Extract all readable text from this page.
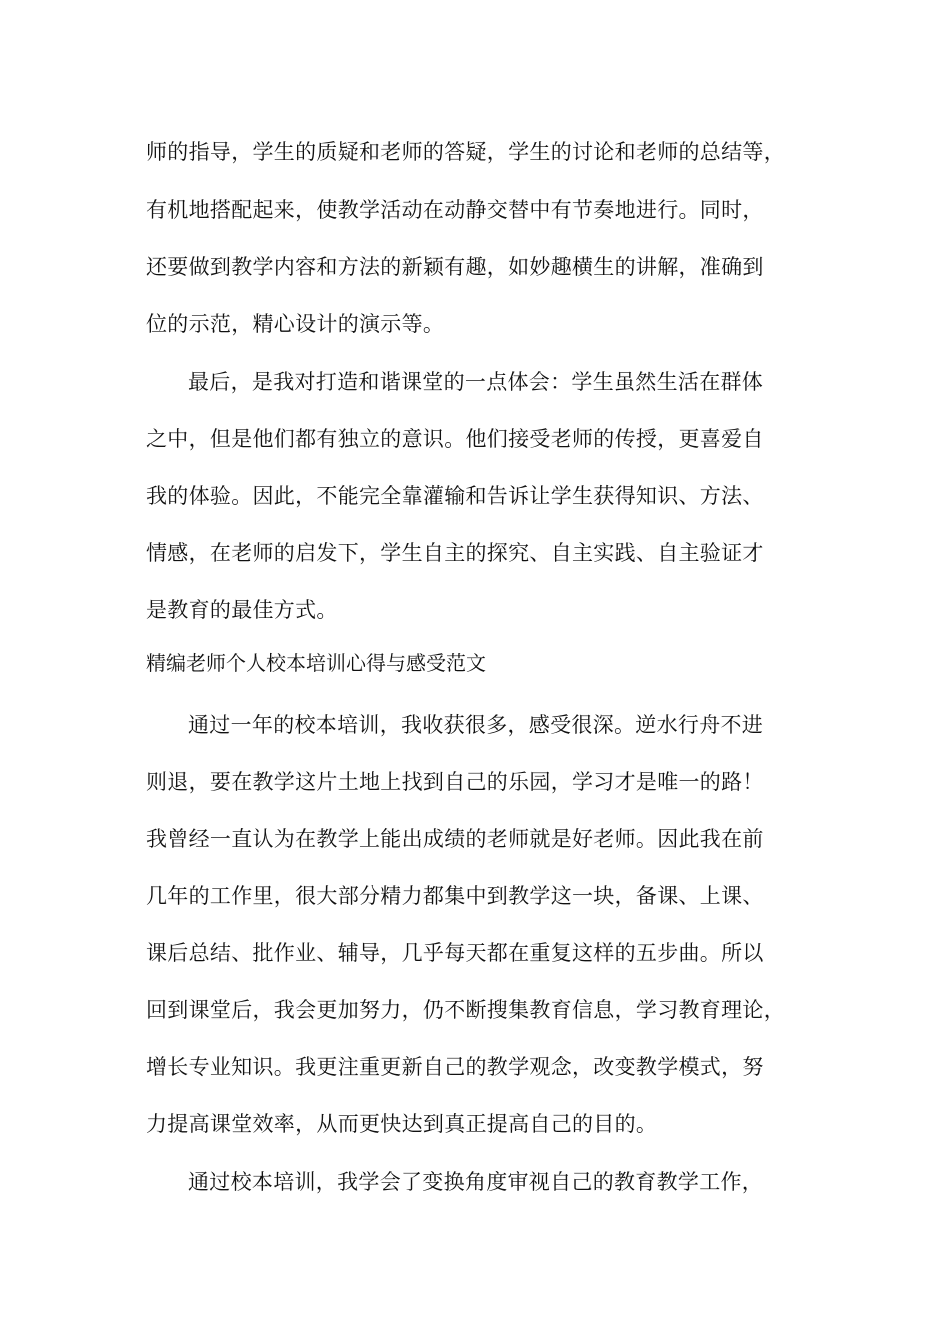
师的指导，学生的质疑和老师的答疑，学生的讨论和老师的总结等，
有机地搭配起来，使教学活动在动静交替中有节奏地进行。同时，
还要做到教学内容和方法的新颖有趣，如妙趣横生的讲解，准确到
位的示范，精心设计的演示等。
最后，是我对打造和谐课堂的一点体会：学生虽然生活在群体
之中，但是他们都有独立的意识。他们接受老师的传授，更喜爱自
我的体验。因此，不能完全靠灌输和告诉让学生获得知识、方法、
情感，在老师的启发下，学生自主的探究、自主实践、自主验证才
是教育的最佳方式。
精编老师个人校本培训心得与感受范文
通过一年的校本培训，我收获很多，感受很深。逆水行舟不进
则退，要在教学这片土地上找到自己的乐园，学习才是唯一的路！
我曾经一直认为在教学上能出成绩的老师就是好老师。因此我在前
几年的工作里，很大部分精力都集中到教学这一块，备课、上课、
课后总结、批作业、辅导，几乎每天都在重复这样的五步曲。所以
回到课堂后，我会更加努力，仍不断搜集教育信息，学习教育理论，
增长专业知识。我更注重更新自己的教学观念，改变教学模式，努
力提高课堂效率，从而更快达到真正提高自己的目的。
通过校本培训，我学会了变换角度审视自己的教育教学工作，
